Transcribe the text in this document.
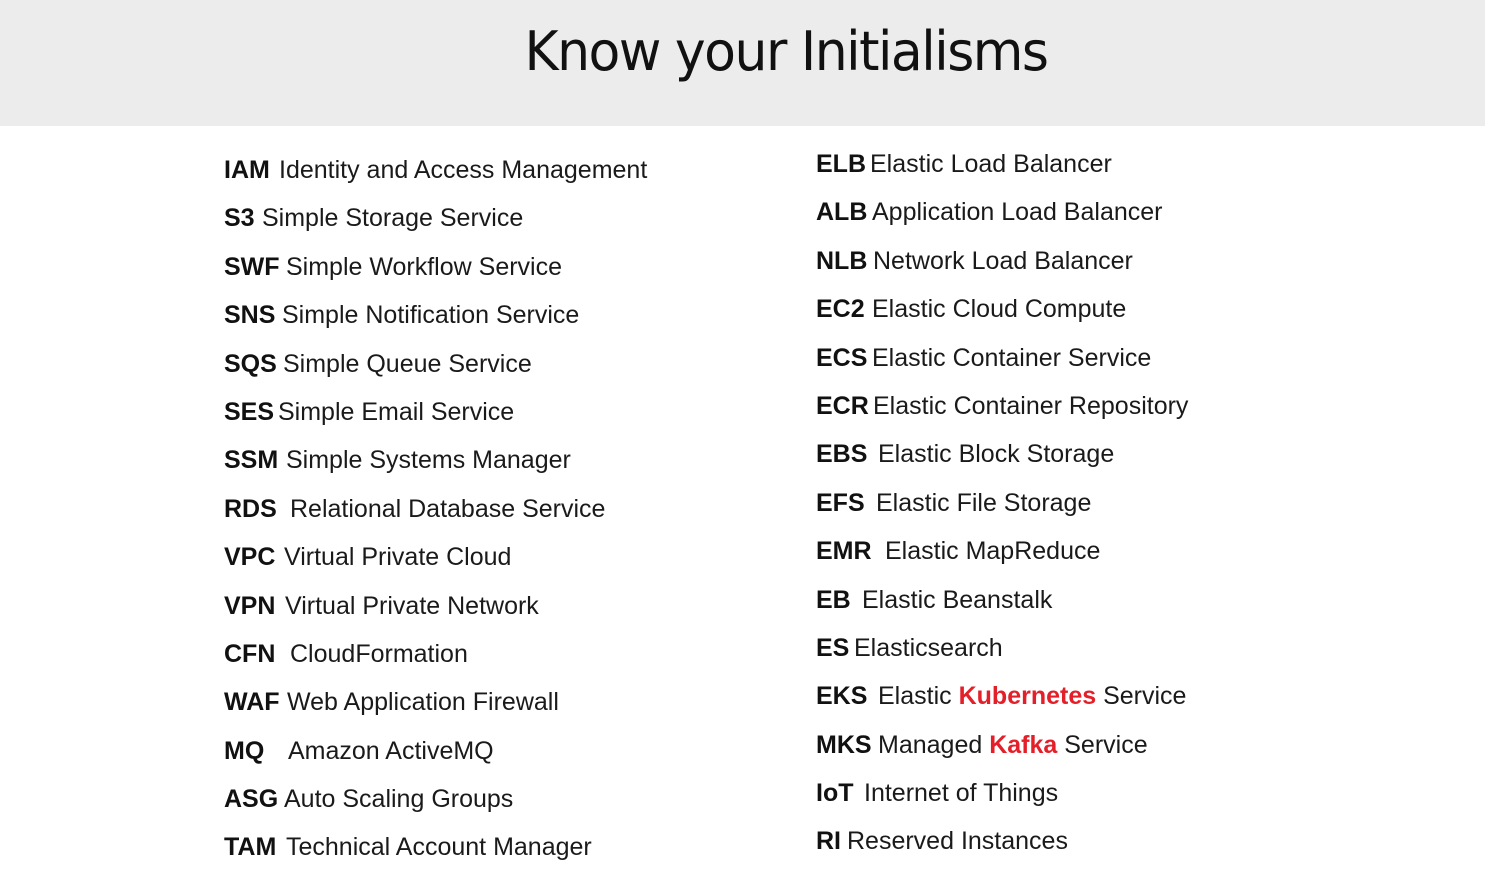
Know your Initialisms
IAM Identity and Access Management
S3 Simple Storage Service
SWF Simple Workflow Service
SNS Simple Notification Service
SQS Simple Queue Service
SES Simple Email Service
SSM Simple Systems Manager
RDS Relational Database Service
VPC Virtual Private Cloud
VPN Virtual Private Network
CFN CloudFormation
WAF Web Application Firewall
MQ Amazon ActiveMQ
ASG Auto Scaling Groups
TAM Technical Account Manager
ELB Elastic Load Balancer
ALB Application Load Balancer
NLB Network Load Balancer
EC2 Elastic Cloud Compute
ECS Elastic Container Service
ECR Elastic Container Repository
EBS Elastic Block Storage
EFS Elastic File Storage
EMR Elastic MapReduce
EB Elastic Beanstalk
ES Elasticsearch
EKS Elastic Kubernetes Service
MKS Managed Kafka Service
IoT Internet of Things
RI Reserved Instances
